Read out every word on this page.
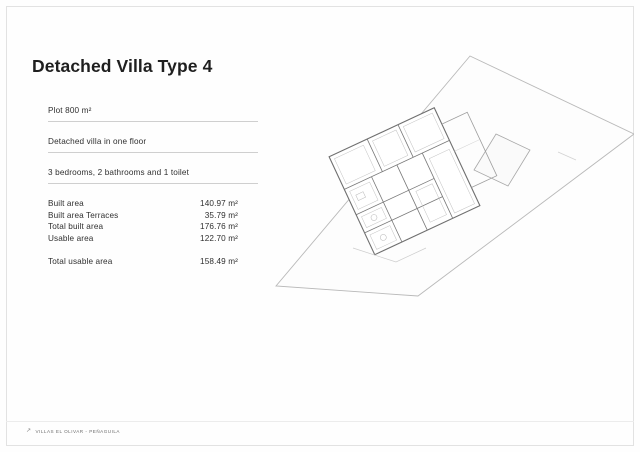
Detached Villa Type 4
Plot 800 m²
Detached villa in one floor
3 bedrooms, 2 bathrooms and 1 toilet
Built area	140.97 m²
Built area Terraces	35.79 m²
Total built area	176.76 m²
Usable area	122.70 m²
Total usable area	158.49 m²
↗ VILLAS EL OLIVAR - PEÑAGUILA
